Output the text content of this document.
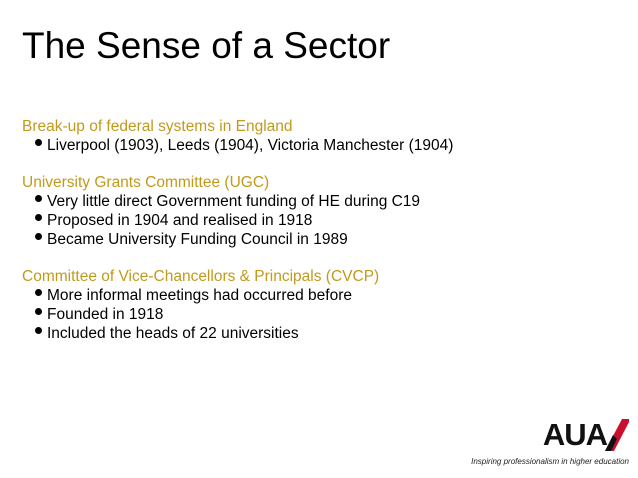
The Sense of a Sector
Break-up of federal systems in England
Liverpool (1903), Leeds (1904), Victoria Manchester (1904)
University Grants Committee (UGC)
Very little direct Government funding of HE during C19
Proposed in 1904 and realised in 1918
Became University Funding Council in 1989
Committee of Vice-Chancellors & Principals (CVCP)
More informal meetings had occurred before
Founded in 1918
Included the heads of 22 universities
AUA
Inspiring professionalism in higher education
